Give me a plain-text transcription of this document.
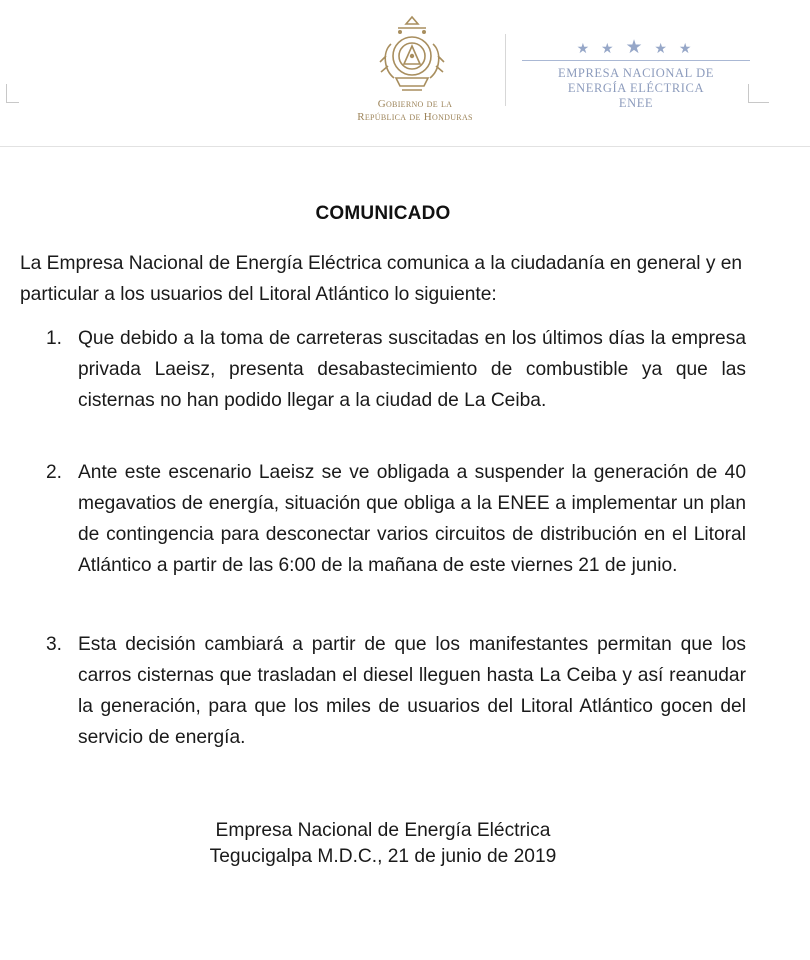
Gobierno de la
República de Honduras
★ ★ ★ ★ ★
EMPRESA NACIONAL DE
ENERGÍA ELÉCTRICA
ENEE
COMUNICADO
La Empresa Nacional de Energía Eléctrica comunica a la ciudadanía en general y en particular a los usuarios del Litoral Atlántico lo siguiente:
1. Que debido a la toma de carreteras suscitadas en los últimos días la empresa privada Laeisz, presenta desabastecimiento de combustible ya que las cisternas no han podido llegar a la ciudad de La Ceiba.
2. Ante este escenario Laeisz se ve obligada a suspender la generación de 40 megavatios de energía, situación que obliga a la ENEE a implementar un plan de contingencia para desconectar varios circuitos de distribución en el Litoral Atlántico a partir de las 6:00 de la mañana de este viernes 21 de junio.
3. Esta decisión cambiará a partir de que los manifestantes permitan que los carros cisternas que trasladan el diesel lleguen hasta La Ceiba y así reanudar la generación, para que los miles de usuarios del Litoral Atlántico gocen del servicio de energía.
Empresa Nacional de Energía Eléctrica
Tegucigalpa M.D.C., 21 de junio de 2019
